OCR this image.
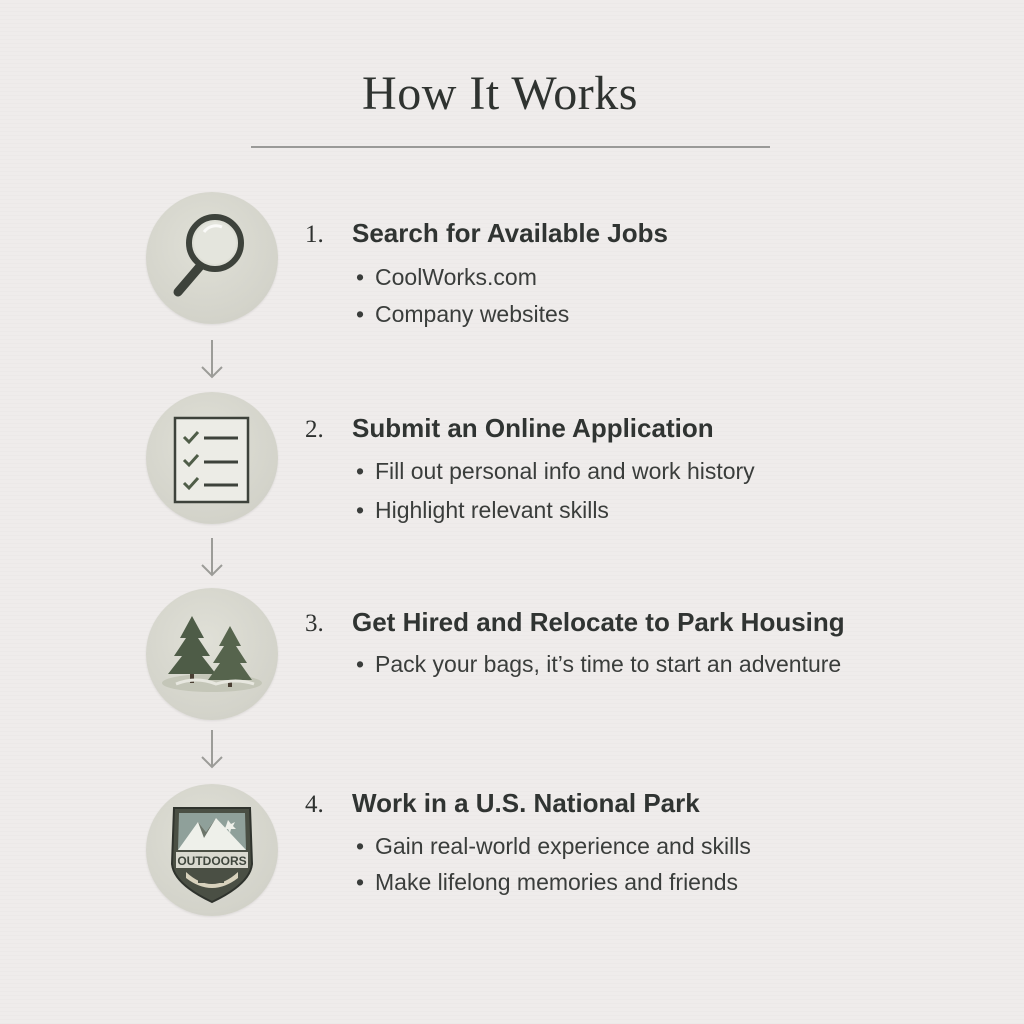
How It Works
1. Search for Available Jobs
• CoolWorks.com
• Company websites
2. Submit an Online Application
• Fill out personal info and work history
• Highlight relevant skills
3. Get Hired and Relocate to Park Housing
• Pack your bags, it’s time to start an adventure
OUTDOORS
4. Work in a U.S. National Park
• Gain real-world experience and skills
• Make lifelong memories and friends
